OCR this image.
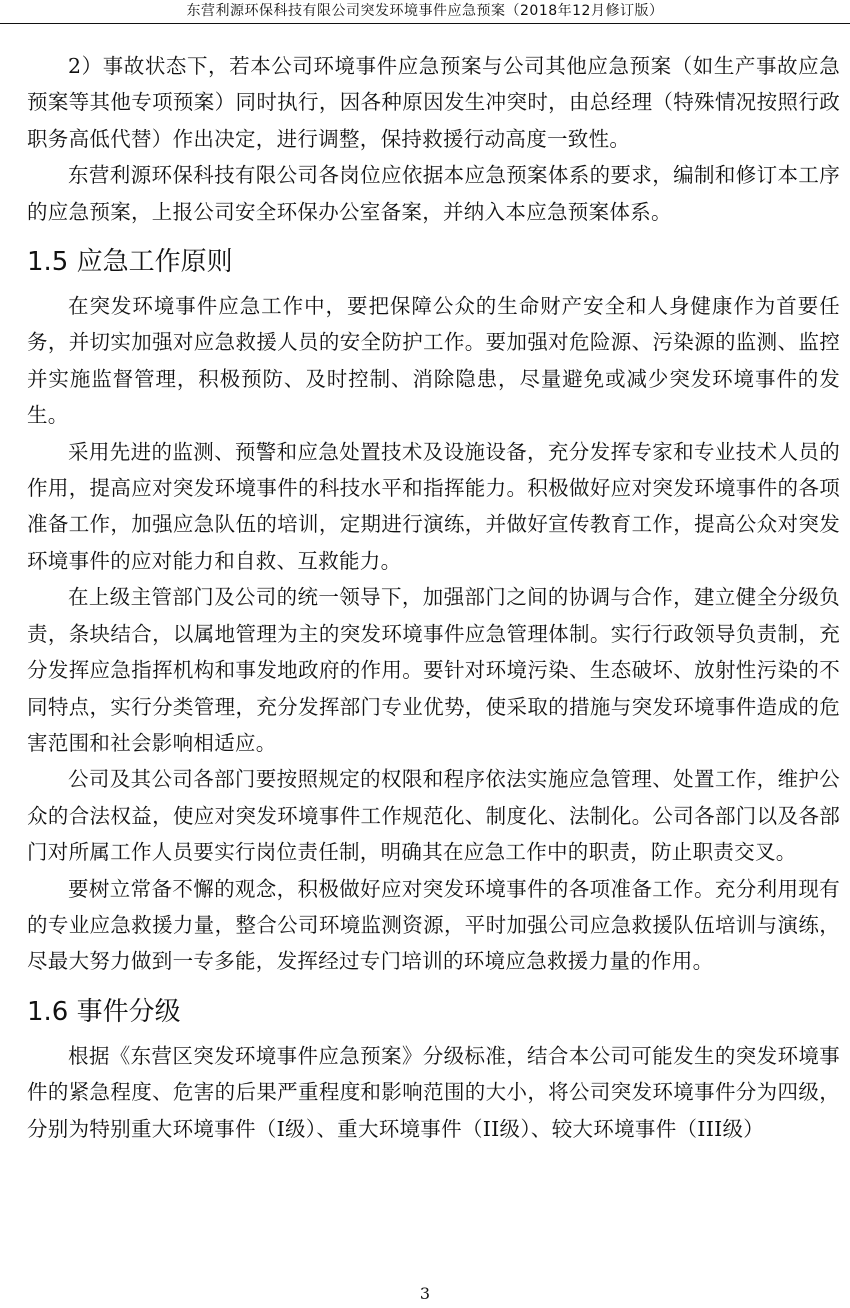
东营利源环保科技有限公司突发环境事件应急预案（2018年12月修订版）

2）事故状态下，若本公司环境事件应急预案与公司其他应急预案（如生产事故应急预案等其他专项预案）同时执行，因各种原因发生冲突时，由总经理（特殊情况按照行政职务高低代替）作出决定，进行调整，保持救援行动高度一致性。

东营利源环保科技有限公司各岗位应依据本应急预案体系的要求，编制和修订本工序的应急预案，上报公司安全环保办公室备案，并纳入本应急预案体系。

1.5 应急工作原则

在突发环境事件应急工作中，要把保障公众的生命财产安全和人身健康作为首要任务，并切实加强对应急救援人员的安全防护工作。要加强对危险源、污染源的监测、监控并实施监督管理，积极预防、及时控制、消除隐患，尽量避免或减少突发环境事件的发生。

采用先进的监测、预警和应急处置技术及设施设备，充分发挥专家和专业技术人员的作用，提高应对突发环境事件的科技水平和指挥能力。积极做好应对突发环境事件的各项准备工作，加强应急队伍的培训，定期进行演练，并做好宣传教育工作，提高公众对突发环境事件的应对能力和自救、互救能力。

在上级主管部门及公司的统一领导下，加强部门之间的协调与合作，建立健全分级负责，条块结合，以属地管理为主的突发环境事件应急管理体制。实行行政领导负责制，充分发挥应急指挥机构和事发地政府的作用。要针对环境污染、生态破坏、放射性污染的不同特点，实行分类管理，充分发挥部门专业优势，使采取的措施与突发环境事件造成的危害范围和社会影响相适应。

公司及其公司各部门要按照规定的权限和程序依法实施应急管理、处置工作，维护公众的合法权益，使应对突发环境事件工作规范化、制度化、法制化。公司各部门以及各部门对所属工作人员要实行岗位责任制，明确其在应急工作中的职责，防止职责交叉。

要树立常备不懈的观念，积极做好应对突发环境事件的各项准备工作。充分利用现有的专业应急救援力量，整合公司环境监测资源，平时加强公司应急救援队伍培训与演练，尽最大努力做到一专多能，发挥经过专门培训的环境应急救援力量的作用。

1.6 事件分级

根据《东营区突发环境事件应急预案》分级标准，结合本公司可能发生的突发环境事件的紧急程度、危害的后果严重程度和影响范围的大小，将公司突发环境事件分为四级，分别为特别重大环境事件（I级）、重大环境事件（II级）、较大环境事件（III级）

3
